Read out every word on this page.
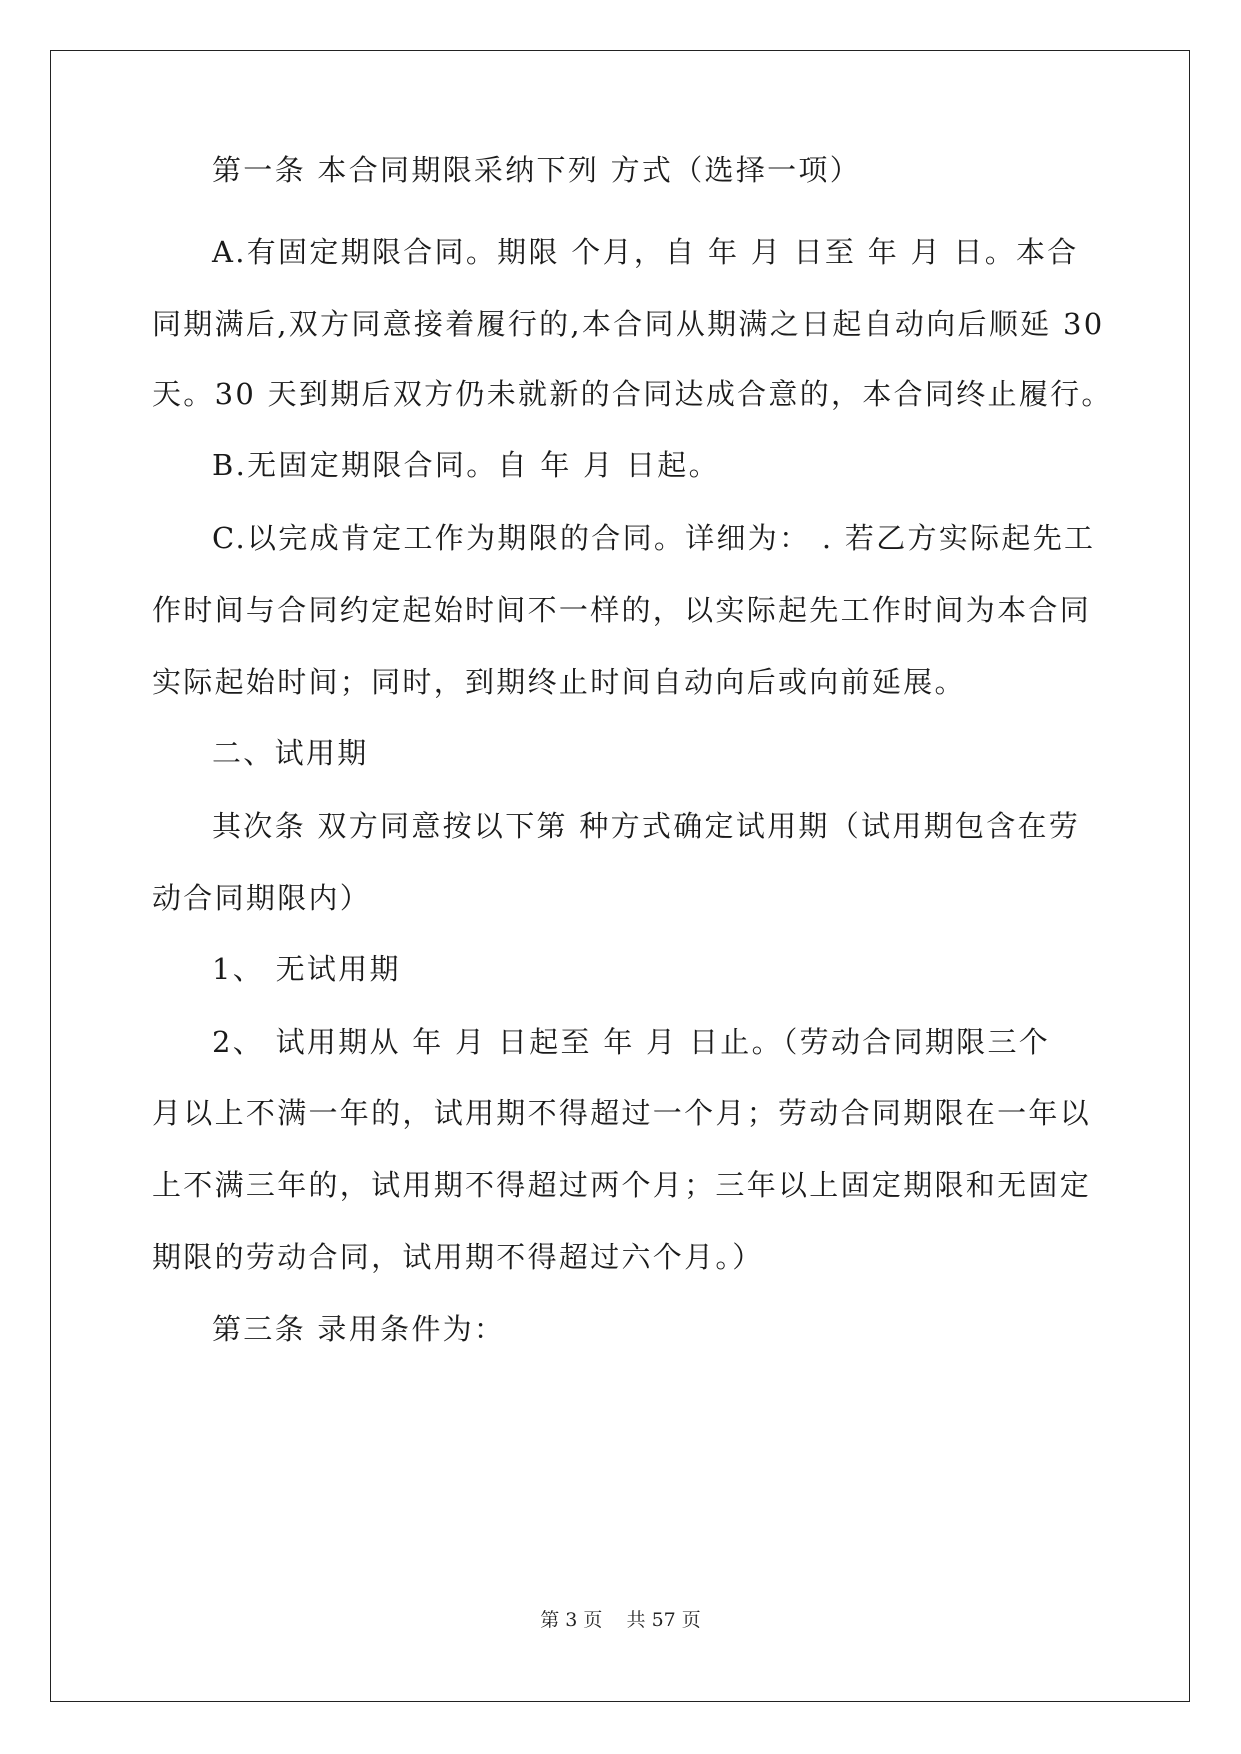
第一条 本合同期限采纳下列 方式（选择一项）
A.有固定期限合同。期限 个月，自 年 月 日至 年 月 日。本合
同期满后,双方同意接着履行的,本合同从期满之日起自动向后顺延 30
天。30 天到期后双方仍未就新的合同达成合意的，本合同终止履行。
B.无固定期限合同。自 年 月 日起。
C.以完成肯定工作为期限的合同。详细为： . 若乙方实际起先工
作时间与合同约定起始时间不一样的，以实际起先工作时间为本合同
实际起始时间；同时，到期终止时间自动向后或向前延展。
二、试用期
其次条 双方同意按以下第 种方式确定试用期（试用期包含在劳
动合同期限内）
1、 无试用期
2、 试用期从 年 月 日起至 年 月 日止。（劳动合同期限三个
月以上不满一年的，试用期不得超过一个月；劳动合同期限在一年以
上不满三年的，试用期不得超过两个月；三年以上固定期限和无固定
期限的劳动合同，试用期不得超过六个月。）
第三条 录用条件为：
第 3 页 共 57 页
